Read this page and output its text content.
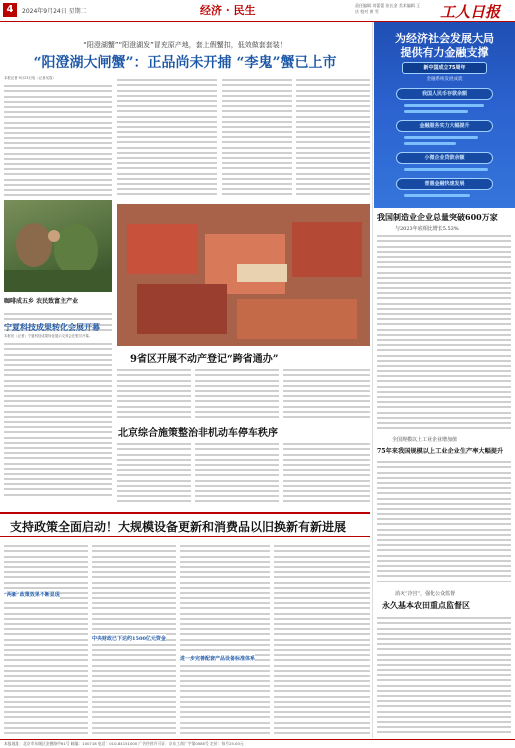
4	2024年9月24日 星期二	经济 · 民生	责任编辑 刘蕾蕾 张长金 美术编辑 王 庆 校对 黄 雪	工人日报
“阳澄湖蟹”“阳澄湖发”冒充原产地，套上假蟹扣，低效做套套装！
“阳澄湖大闸蟹”：正品尚未开捕 “李鬼”蟹已上市
本报记者 9月23日电（记者吴春）
咖啡成五乡 农民致富主产业
宁夏科技成果转化会展开幕
本报讯（记者）宁夏科技成果转化展示交易会在银川开幕。
9省区开展不动产登记“跨省通办”
北京综合施策整治非机动车停车秩序
支持政策全面启动！大规模设备更新和消费品以旧换新有新进展
“两新”政策效果不断显现
中央财政已下达约1500亿元资金
进一步完善配套产品设备标准体系
为经济社会发展大局
提供有力金融支撑
新中国成立75周年
金融系统发展成就
我国人民币存款余额
金融服务实力大幅提升
小微企业贷款余额
普惠金融快速发展
我国制造业企业总量突破600万家
与2023年底相比增长5.53%
全国规模以上工业企业增加值
75年来我国规模以上工业企业生产率大幅提升
消灭“冷宫”，强化公众监督
永久基本农田重点监督区
本报地址：北京市东城区安德路甲61号 邮编：100718 电话：010-84151000 广告经营许可证：京东工商广字第0085号 定价：每月25.00元
